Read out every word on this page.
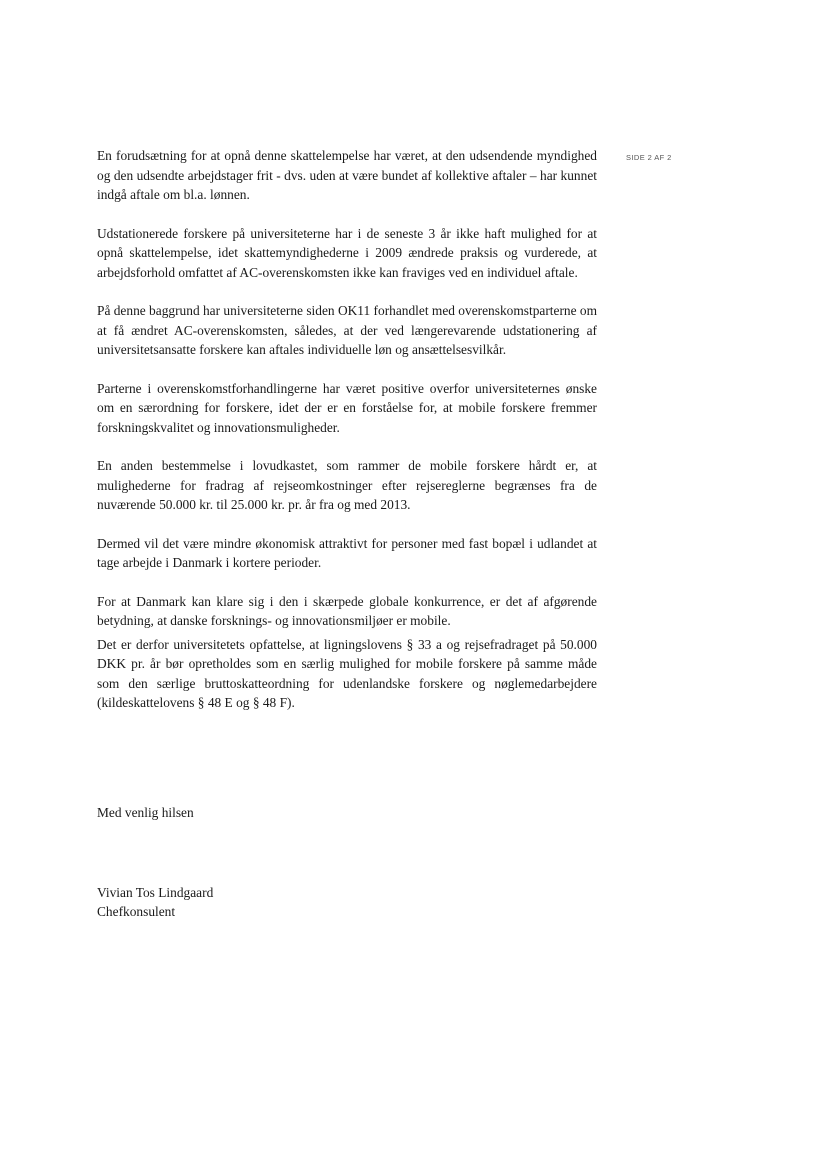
SIDE 2 AF 2

En forudsætning for at opnå denne skattelempelse har været, at den udsendende myndighed og den udsendte arbejdstager frit - dvs. uden at være bundet af kollektive aftaler – har kunnet indgå aftale om bl.a. lønnen.

Udstationerede forskere på universiteterne har i de seneste 3 år ikke haft mulighed for at opnå skattelempelse, idet skattemyndighederne i 2009 ændrede praksis og vurderede, at arbejdsforhold omfattet af AC-overenskomsten ikke kan fraviges ved en individuel aftale.

På denne baggrund har universiteterne siden OK11 forhandlet med overenskomstparterne om at få ændret AC-overenskomsten, således, at der ved længerevarende udstationering af universitetsansatte forskere kan aftales individuelle løn og ansættelsesvilkår.

Parterne i overenskomstforhandlingerne har været positive overfor universiteternes ønske om en særordning for forskere, idet der er en forståelse for, at mobile forskere fremmer forskningskvalitet og innovationsmuligheder.

En anden bestemmelse i lovudkastet, som rammer de mobile forskere hårdt er, at mulighederne for fradrag af rejseomkostninger efter rejsereglerne begrænses fra de nuværende 50.000 kr. til 25.000 kr. pr. år fra og med 2013.

Dermed vil det være mindre økonomisk attraktivt for personer med fast bopæl i udlandet at tage arbejde i Danmark i kortere perioder.

For at Danmark kan klare sig i den i skærpede globale konkurrence, er det af afgørende betydning, at danske forsknings- og innovationsmiljøer er mobile.

Det er derfor universitetets opfattelse, at ligningslovens § 33 a og rejsefradraget på 50.000 DKK pr. år bør opretholdes som en særlig mulighed for mobile forskere på samme måde som den særlige bruttoskatteordning for udenlandske forskere og nøglemedarbejdere (kildeskattelovens § 48 E og § 48 F).

Med venlig hilsen
Vivian Tos Lindgaard
Chefkonsulent
